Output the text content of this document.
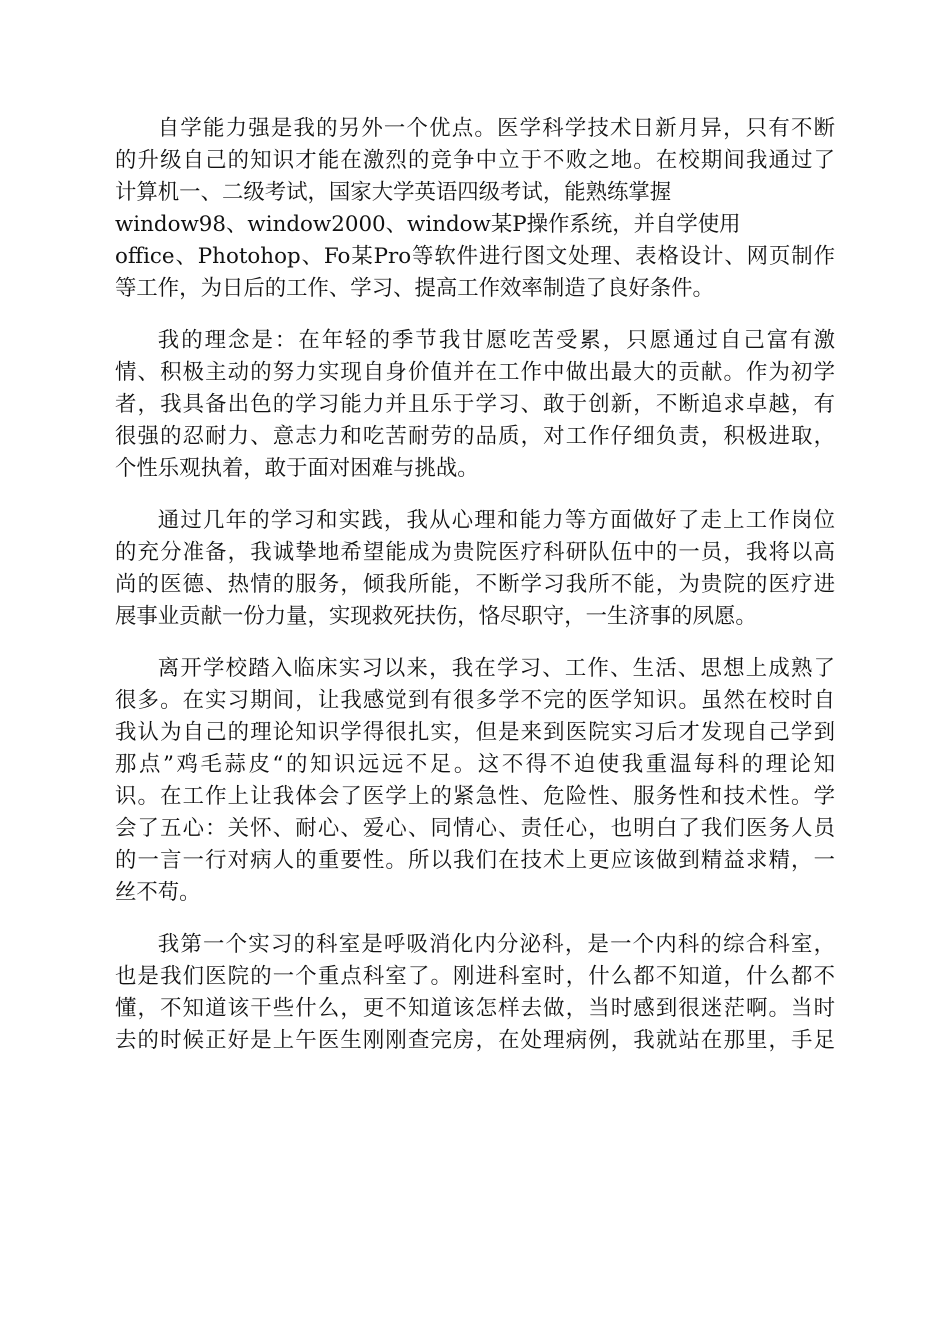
自学能力强是我的另外一个优点。医学科学技术日新月异，只有不断
的升级自己的知识才能在激烈的竞争中立于不败之地。在校期间我通过了
计算机一、二级考试，国家大学英语四级考试，能熟练掌握
window98、window2000、window某P操作系统，并自学使用
office、Photohop、Fo某Pro等软件进行图文处理、表格设计、网页制作
等工作，为日后的工作、学习、提高工作效率制造了良好条件。
我的理念是：在年轻的季节我甘愿吃苦受累，只愿通过自己富有激
情、积极主动的努力实现自身价值并在工作中做出最大的贡献。作为初学
者，我具备出色的学习能力并且乐于学习、敢于创新，不断追求卓越，有
很强的忍耐力、意志力和吃苦耐劳的品质，对工作仔细负责，积极进取，
个性乐观执着，敢于面对困难与挑战。
通过几年的学习和实践，我从心理和能力等方面做好了走上工作岗位
的充分准备，我诚挚地希望能成为贵院医疗科研队伍中的一员，我将以高
尚的医德、热情的服务，倾我所能，不断学习我所不能，为贵院的医疗进
展事业贡献一份力量，实现救死扶伤，恪尽职守，一生济事的夙愿。
离开学校踏入临床实习以来，我在学习、工作、生活、思想上成熟了
很多。在实习期间，让我感觉到有很多学不完的医学知识。虽然在校时自
我认为自己的理论知识学得很扎实，但是来到医院实习后才发现自己学到
那点”鸡毛蒜皮“的知识远远不足。这不得不迫使我重温每科的理论知
识。在工作上让我体会了医学上的紧急性、危险性、服务性和技术性。学
会了五心：关怀、耐心、爱心、同情心、责任心，也明白了我们医务人员
的一言一行对病人的重要性。所以我们在技术上更应该做到精益求精，一
丝不苟。
我第一个实习的科室是呼吸消化内分泌科，是一个内科的综合科室，
也是我们医院的一个重点科室了。刚进科室时，什么都不知道，什么都不
懂，不知道该干些什么，更不知道该怎样去做，当时感到很迷茫啊。当时
去的时候正好是上午医生刚刚查完房，在处理病例，我就站在那里，手足
